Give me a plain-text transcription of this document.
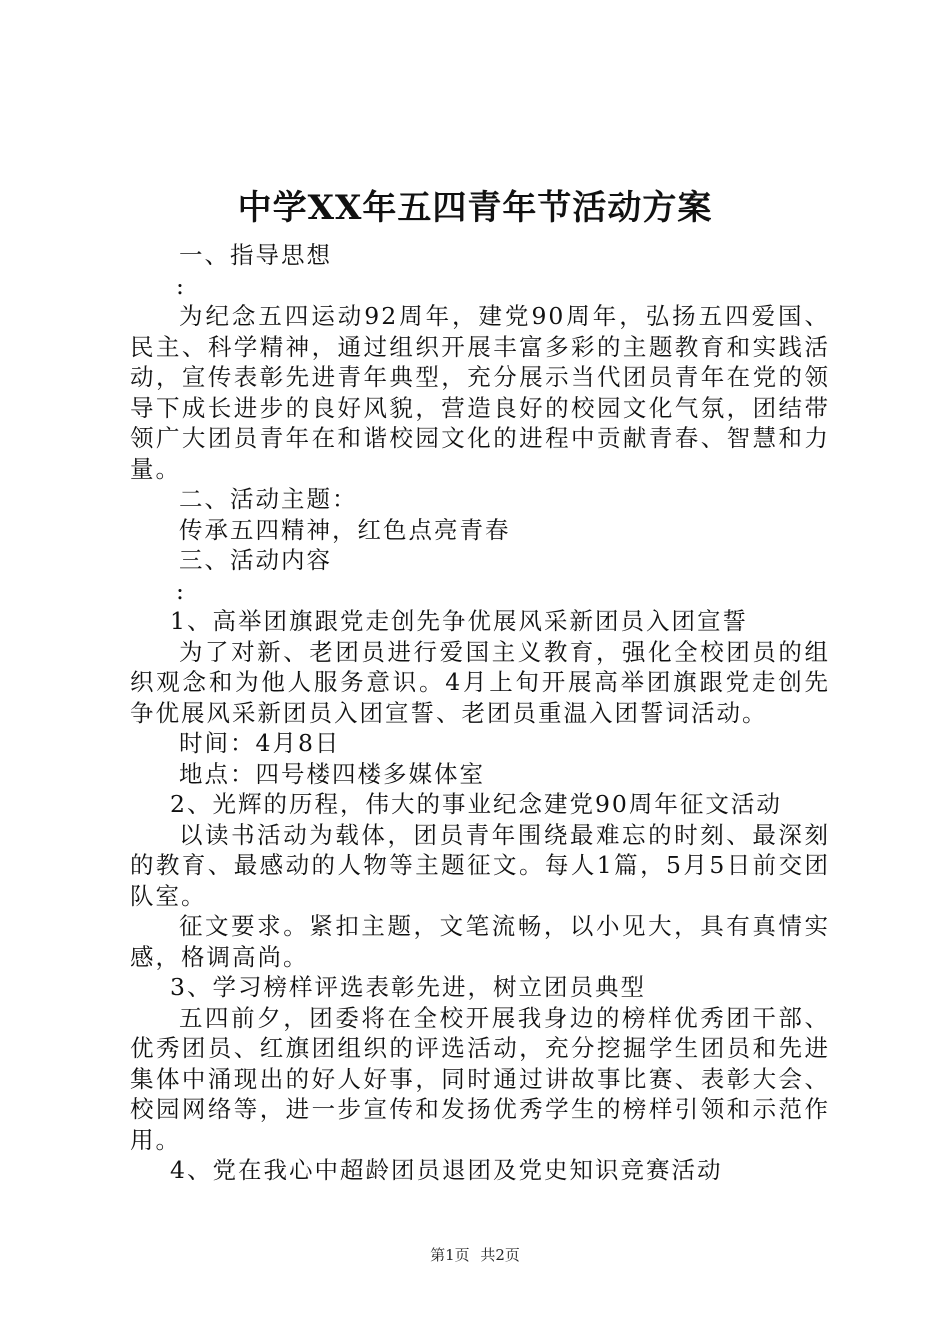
中学XX年五四青年节活动方案

一、指导思想

:

为纪念五四运动92周年，建党90周年，弘扬五四爱国、民主、科学精神，通过组织开展丰富多彩的主题教育和实践活动，宣传表彰先进青年典型，充分展示当代团员青年在党的领导下成长进步的良好风貌，营造良好的校园文化气氛，团结带领广大团员青年在和谐校园文化的进程中贡献青春、智慧和力量。

二、活动主题：

传承五四精神，红色点亮青春

三、活动内容

:

1、高举团旗跟党走创先争优展风采新团员入团宣誓

为了对新、老团员进行爱国主义教育，强化全校团员的组织观念和为他人服务意识。4月上旬开展高举团旗跟党走创先争优展风采新团员入团宣誓、老团员重温入团誓词活动。

时间：4月8日

地点：四号楼四楼多媒体室

2、光辉的历程，伟大的事业纪念建党90周年征文活动

以读书活动为载体，团员青年围绕最难忘的时刻、最深刻的教育、最感动的人物等主题征文。每人1篇，5月5日前交团队室。

征文要求。紧扣主题，文笔流畅，以小见大，具有真情实感，格调高尚。

3、学习榜样评选表彰先进，树立团员典型

五四前夕，团委将在全校开展我身边的榜样优秀团干部、优秀团员、红旗团组织的评选活动，充分挖掘学生团员和先进集体中涌现出的好人好事，同时通过讲故事比赛、表彰大会、校园网络等，进一步宣传和发扬优秀学生的榜样引领和示范作用。

4、党在我心中超龄团员退团及党史知识竞赛活动

第1页 共2页
